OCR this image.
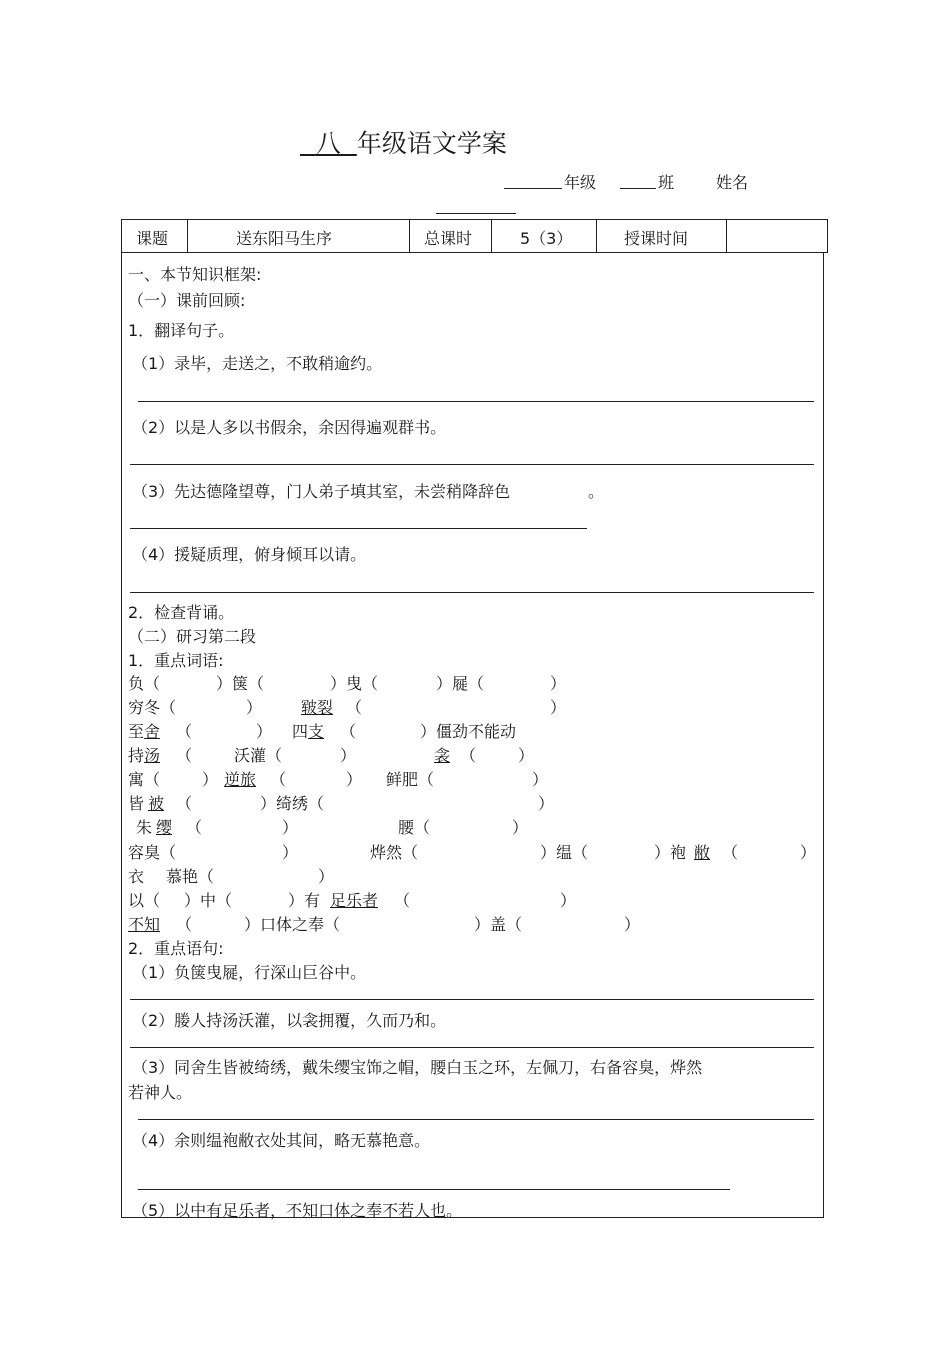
八 年级语文学案
年级	班	姓名
课题	送东阳马生序	总课时	5（3）	授课时间
一、本节知识框架:
（一）课前回顾:
1．翻译句子。
（1）录毕，走送之，不敢稍逾约。
（2）以是人多以书假余，余因得遍观群书。
（3）先达德隆望尊，门人弟子填其室，未尝稍降辞色	。
（4）援疑质理，俯身倾耳以请。
2．检查背诵。
（二）研习第二段
1．重点词语:
负（	）箧（	）曳（	）屣（	）
穷冬（	） 皲裂 （	）
至 舍 （	） 四 支 （	）僵劲不能动
持 汤 （	沃灌（	）	衾 （	）
寓（	） 逆旅 （	） 鲜肥（	）
皆 被 （	）绮绣（	）
朱 缨 （	）	腰（	）
容臭（	）	烨然（	）缊（	）袍 敝 （	）
衣 慕艳（	）
以（ ）中（	）有 足乐者 （	）
不知 （	）口体之奉（	）盖（	）
2．重点语句:
（1）负箧曳屣，行深山巨谷中。
（2）媵人持汤沃灌，以衾拥覆，久而乃和。
（3）同舍生皆被绮绣，戴朱缨宝饰之帽，腰白玉之环，左佩刀，右备容臭，烨然
若神人。
（4）余则缊袍敝衣处其间，略无慕艳意。
（5）以中有足乐者，不知口体之奉不若人也。
